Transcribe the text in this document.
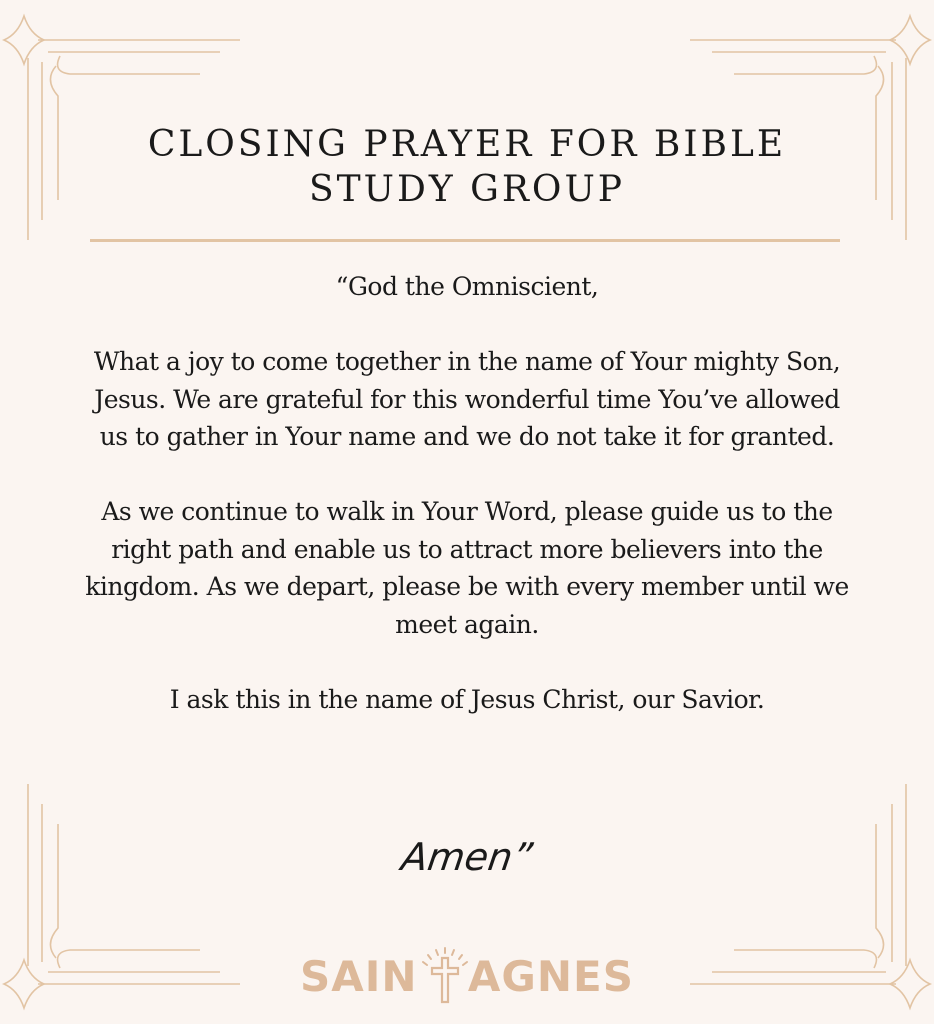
CLOSING PRAYER FOR BIBLE STUDY GROUP

“God the Omniscient,

What a joy to come together in the name of Your mighty Son, Jesus. We are grateful for this wonderful time You’ve allowed us to gather in Your name and we do not take it for granted.

As we continue to walk in Your Word, please guide us to the right path and enable us to attract more believers into the kingdom. As we depart, please be with every member until we meet again.

I ask this in the name of Jesus Christ, our Savior.

Amen”
SAIN AGNES
